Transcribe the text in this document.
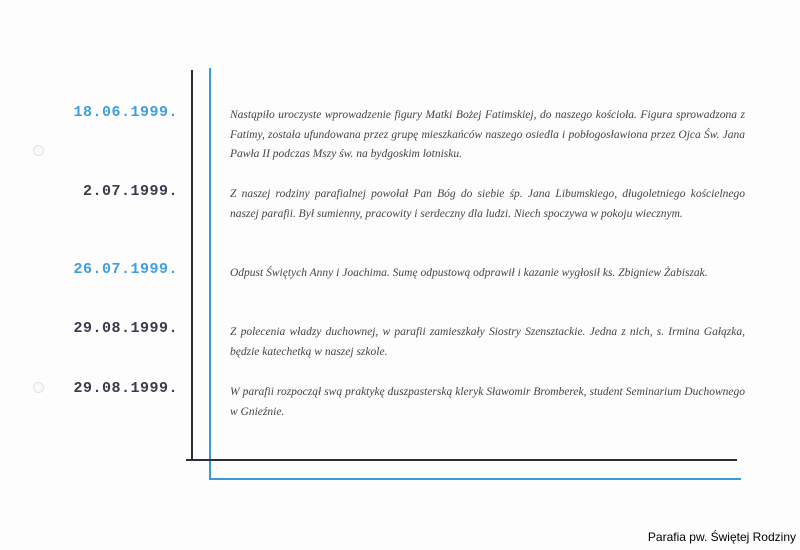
18.06.1999.	Nastąpiło uroczyste wprowadzenie figury Matki Bożej Fatimskiej, do naszego kościoła. Figura sprowadzona z Fatimy, została ufundowana przez grupę mieszkańców naszego osiedla i pobłogosławiona przez Ojca Św. Jana Pawła II podczas Mszy św. na bydgoskim lotnisku.
2.07.1999.	Z naszej rodziny parafialnej powołał Pan Bóg do siebie śp. Jana Libumskiego, długoletniego kościelnego naszej parafii. Był sumienny, pracowity i serdeczny dla ludzi. Niech spoczywa w pokoju wiecznym.
26.07.1999.	Odpust Świętych Anny i Joachima. Sumę odpustową odprawił i kazanie wygłosił ks. Zbigniew Żabiszak.
29.08.1999.	Z polecenia władzy duchownej, w parafii zamieszkały Siostry Szensztackie. Jedna z nich, s. Irmina Gałązka, będzie katechetką w naszej szkole.
29.08.1999.	W parafii rozpoczął swą praktykę duszpasterską kleryk Sławomir Bromberek, student Seminarium Duchownego w Gnieźnie.
Parafia pw. Świętej Rodziny
